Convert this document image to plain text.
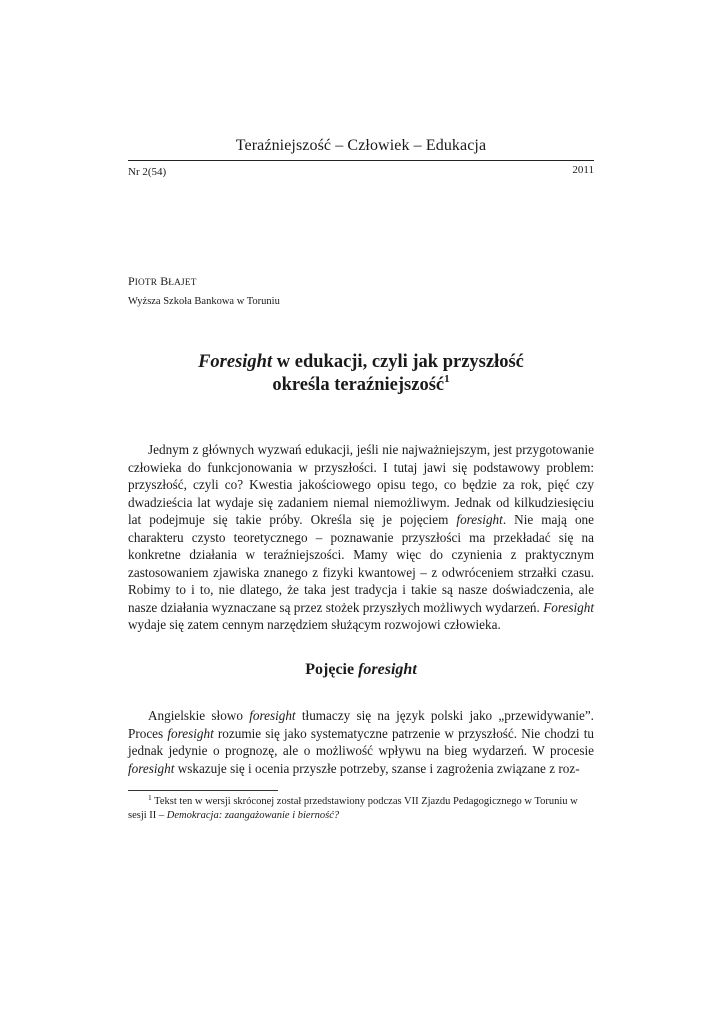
Teraźniejszość – Człowiek – Edukacja
Nr 2(54)	2011
PIOTR BŁAJET
Wyższa Szkoła Bankowa w Toruniu
Foresight w edukacji, czyli jak przyszłość
określa teraźniejszość$^1$

Jednym z głównych wyzwań edukacji, jeśli nie najważniejszym, jest przygotowanie człowieka do funkcjonowania w przyszłości. I tutaj jawi się podstawowy problem: przyszłość, czyli co? Kwestia jakościowego opisu tego, co będzie za rok, pięć czy dwadzieścia lat wydaje się zadaniem niemal niemożliwym. Jednak od kilkudziesięciu lat podejmuje się takie próby. Określa się je pojęciem foresight. Nie mają one charakteru czysto teoretycznego – poznawanie przyszłości ma przekładać się na konkretne działania w teraźniejszości. Mamy więc do czynienia z praktycznym zastosowaniem zjawiska znanego z fizyki kwantowej – z odwróceniem strzałki czasu. Robimy to i to, nie dlatego, że taka jest tradycja i takie są nasze doświadczenia, ale nasze działania wyznaczane są przez stożek przyszłych możliwych wydarzeń. Foresight wydaje się zatem cennym narzędziem służącym rozwojowi człowieka.

Pojęcie foresight

Angielskie słowo foresight tłumaczy się na język polski jako „przewidywanie”. Proces foresight rozumie się jako systematyczne patrzenie w przyszłość. Nie chodzi tu jednak jedynie o prognozę, ale o możliwość wpływu na bieg wydarzeń. W procesie foresight wskazuje się i ocenia przyszłe potrzeby, szanse i zagrożenia związane z roz-

$^1$ Tekst ten w wersji skróconej został przedstawiony podczas VII Zjazdu Pedagogicznego w Toruniu w sesji II – Demokracja: zaangażowanie i bierność?
